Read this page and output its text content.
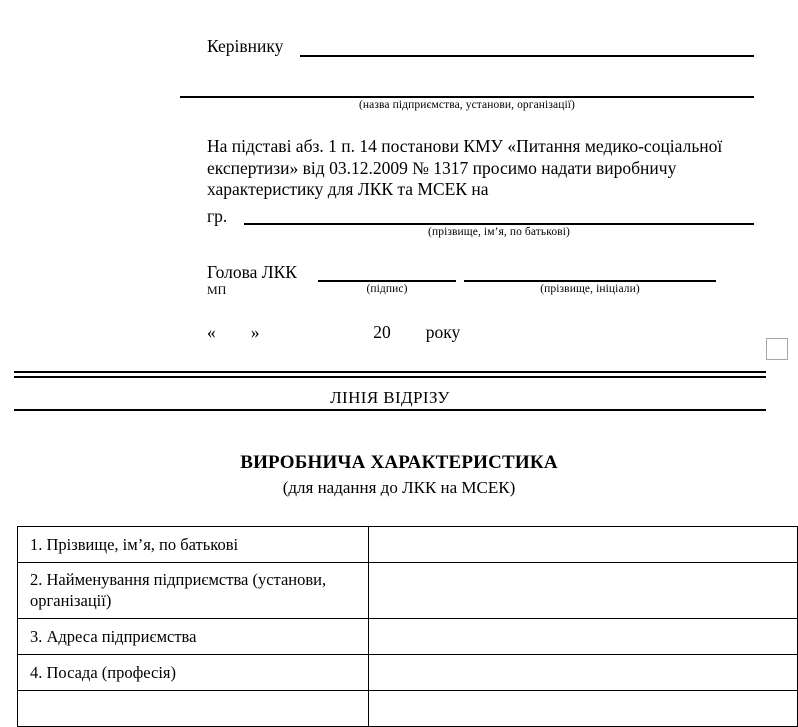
Керівнику
(назва підприємства, установи, організації)
На підставі абз. 1 п. 14 постанови КМУ «Питання медико-соціальної експертизи» від 03.12.2009 № 1317 просимо надати виробничу характеристику для ЛКК та МСЕК на
гр.
(прізвище, ім’я, по батькові)
Голова ЛКК
МП	(підпис)	(прізвище, ініціали)
«        »                          20        року
ЛІНІЯ ВІДРІЗУ
ВИРОБНИЧА ХАРАКТЕРИСТИКА
(для надання до ЛКК на МСЕК)
1. Прізвище, ім’я, по батькові	
2. Найменування підприємства (установи, організації)	
3. Адреса підприємства	
4. Посада (професія)	
